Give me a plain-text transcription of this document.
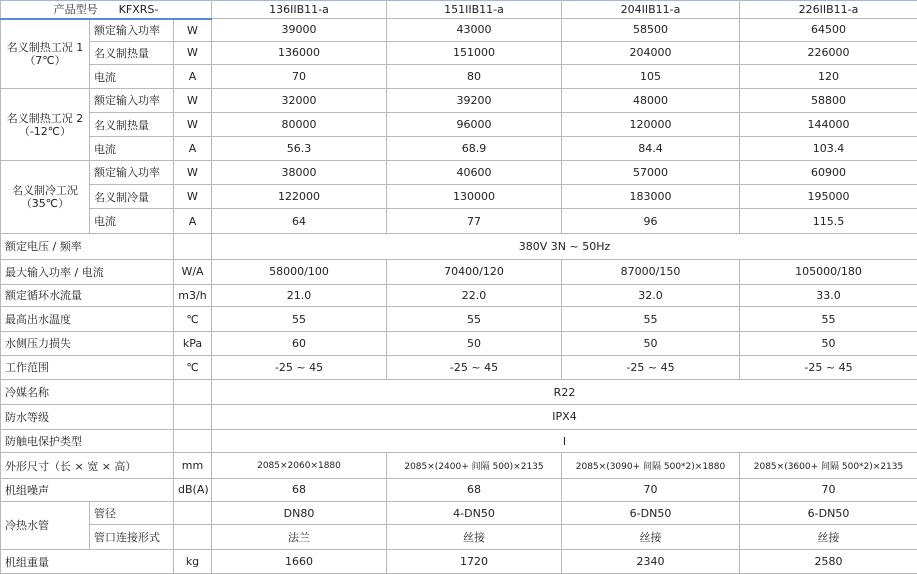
产品型号 KFXRS-			136IIB11-a	151IIB11-a	204IIB11-a	226IIB11-a
名义制热工况 1
（7℃）	额定输入功率	W	39000	43000	58500	64500
	名义制热量	W	136000	151000	204000	226000
	电流	A	70	80	105	120
名义制热工况 2
（-12℃）	额定输入功率	W	32000	39200	48000	58800
	名义制热量	W	80000	96000	120000	144000
	电流	A	56.3	68.9	84.4	103.4
名义制冷工况
（35℃）	额定输入功率	W	38000	40600	57000	60900
	名义制冷量	W	122000	130000	183000	195000
	电流	A	64	77	96	115.5
额定电压 / 频率			380V 3N ~ 50Hz			
最大输入功率 / 电流		W/A	58000/100	70400/120	87000/150	105000/180
额定循环水流量		m3/h	21.0	22.0	32.0	33.0
最高出水温度		℃	55	55	55	55
水侧压力损失		kPa	60	50	50	50
工作范围		℃	-25 ~ 45	-25 ~ 45	-25 ~ 45	-25 ~ 45
冷媒名称			R22			
防水等级			IPX4			
防触电保护类型			I			
外形尺寸（长 × 宽 × 高）		mm	2085×2060×1880	2085×(2400+ 间隔 500)×2135	2085×(3090+ 间隔 500*2)×1880	2085×(3600+ 间隔 500*2)×2135
机组噪声		dB(A)	68	68	70	70
冷热水管	管径		DN80	4-DN50	6-DN50	6-DN50
	管口连接形式		法兰	丝接	丝接	丝接
机组重量		kg	1660	1720	2340	2580
